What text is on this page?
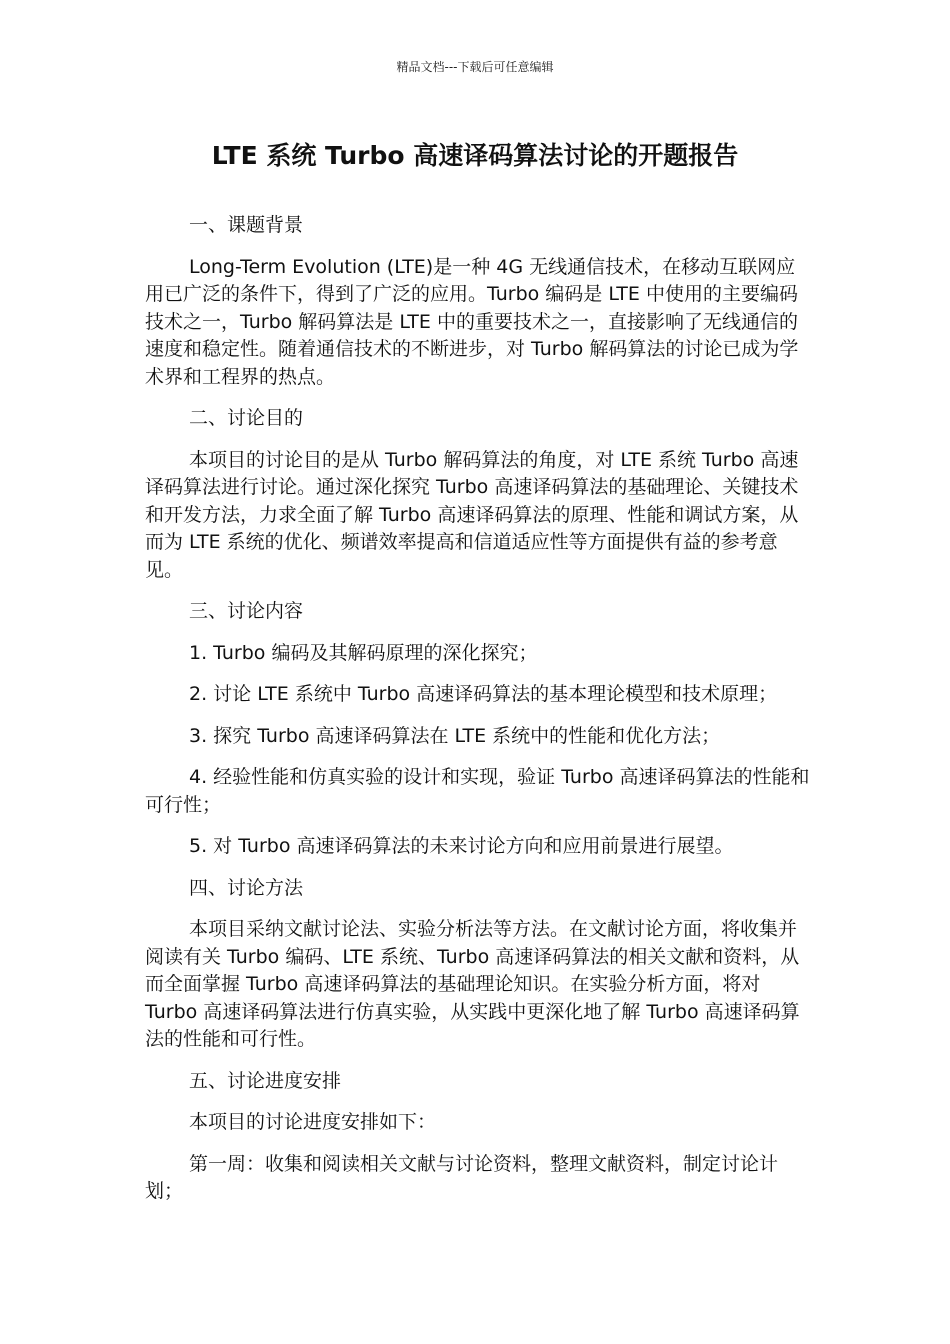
精品文档---下载后可任意编辑
LTE 系统 Turbo 高速译码算法讨论的开题报告

一、课题背景

Long-Term Evolution (LTE)是一种 4G 无线通信技术，在移动互联网应用已广泛的条件下，得到了广泛的应用。Turbo 编码是 LTE 中使用的主要编码技术之一，Turbo 解码算法是 LTE 中的重要技术之一，直接影响了无线通信的速度和稳定性。随着通信技术的不断进步，对 Turbo 解码算法的讨论已成为学术界和工程界的热点。

二、讨论目的

本项目的讨论目的是从 Turbo 解码算法的角度，对 LTE 系统 Turbo 高速译码算法进行讨论。通过深化探究 Turbo 高速译码算法的基础理论、关键技术和开发方法，力求全面了解 Turbo 高速译码算法的原理、性能和调试方案，从而为 LTE 系统的优化、频谱效率提高和信道适应性等方面提供有益的参考意见。

三、讨论内容

1. Turbo 编码及其解码原理的深化探究；

2. 讨论 LTE 系统中 Turbo 高速译码算法的基本理论模型和技术原理；

3. 探究 Turbo 高速译码算法在 LTE 系统中的性能和优化方法；

4. 经验性能和仿真实验的设计和实现，验证 Turbo 高速译码算法的性能和可行性；

5. 对 Turbo 高速译码算法的未来讨论方向和应用前景进行展望。

四、讨论方法

本项目采纳文献讨论法、实验分析法等方法。在文献讨论方面，将收集并阅读有关 Turbo 编码、LTE 系统、Turbo 高速译码算法的相关文献和资料，从而全面掌握 Turbo 高速译码算法的基础理论知识。在实验分析方面，将对 Turbo 高速译码算法进行仿真实验，从实践中更深化地了解 Turbo 高速译码算法的性能和可行性。

五、讨论进度安排

本项目的讨论进度安排如下：

第一周：收集和阅读相关文献与讨论资料，整理文献资料，制定讨论计划；
